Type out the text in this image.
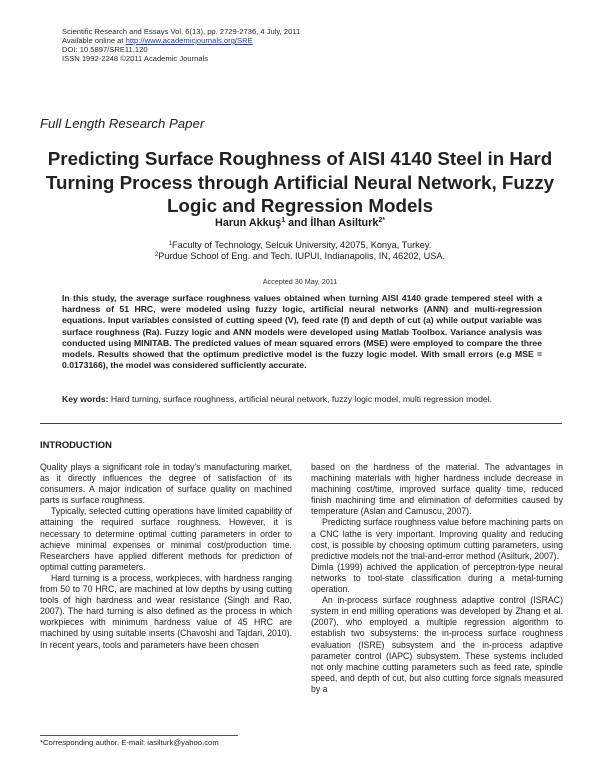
Scientific Research and Essays Vol. 6(13), pp. 2729-2736, 4 July, 2011
Available online at http://www.academicjournals.org/SRE
DOI: 10.5897/SRE11.120
ISSN 1992-2248 ©2011 Academic Journals
Full Length Research Paper
Predicting Surface Roughness of AISI 4140 Steel in Hard Turning Process through Artificial Neural Network, Fuzzy Logic and Regression Models
Harun Akkuş$^1$ and İlhan Asilturk$^{2*}$
$^1$Faculty of Technology, Selcuk University, 42075, Konya, Turkey.
$^2$Purdue School of Eng. and Tech. IUPUI, Indianapolis, IN, 46202, USA.
Accepted 30 May, 2011
In this study, the average surface roughness values obtained when turning AISI 4140 grade tempered steel with a hardness of 51 HRC, were modeled using fuzzy logic, artificial neural networks (ANN) and multi-regression equations. Input variables consisted of cutting speed (V), feed rate (f) and depth of cut (a) while output variable was surface roughness (Ra). Fuzzy logic and ANN models were developed using Matlab Toolbox. Variance analysis was conducted using MINITAB. The predicted values of mean squared errors (MSE) were employed to compare the three models. Results showed that the optimum predictive model is the fuzzy logic model. With small errors (e.g MSE = 0.0173166), the model was considered sufficiently accurate.
Key words: Hard turning, surface roughness, artificial neural network, fuzzy logic model, multi regression model.
INTRODUCTION

Quality plays a significant role in today's manufacturing market, as it directly influences the degree of satisfaction of its consumers. A major indication of surface quality on machined parts is surface roughness.

Typically, selected cutting operations have limited capability of attaining the required surface roughness. However, it is necessary to determine optimal cutting parameters in order to achieve minimal expenses or minimal cost/production time. Researchers have applied different methods for prediction of optimal cutting parameters.

Hard turning is a process, workpieces, with hardness ranging from 50 to 70 HRC, are machined at low depths by using cutting tools of high hardness and wear resistance (Singh and Rao, 2007). The hard turning is also defined as the process in which workpieces with minimum hardness value of 45 HRC are machined by using suitable inserts (Chavoshi and Tajdari, 2010). In recent years, tools and parameters have been chosen

based on the hardness of the material. The advantages in machining materials with higher hardness include decrease in machining cost/time, improved surface quality time, reduced finish machining time and elimination of deformities caused by temperature (Aslan and Camuscu, 2007).

Predicting surface roughness value before machining parts on a CNC lathe is very important. Improving quality and reducing cost, is possible by choosing optimum cutting parameters, using predictive models not the trial-and-error method (Asilturk, 2007).

Dimla (1999) achived the application of perceptron-type neural networks to tool-state classification during a metal-turning operation.

An in-process surface roughness adaptive control (ISRAC) system in end milling operations was developed by Zhang et al. (2007), who employed a multiple regression algorithm to establish two subsystems: the in-process surface roughness evaluation (ISRE) subsystem and the in-process adaptive parameter control (IAPC) subsystem. These systems included not only machine cutting parameters such as feed rate, spindle speed, and depth of cut, but also cutting force signals measured by a

*Corresponding author. E-mail: iasilturk@yahoo.com
